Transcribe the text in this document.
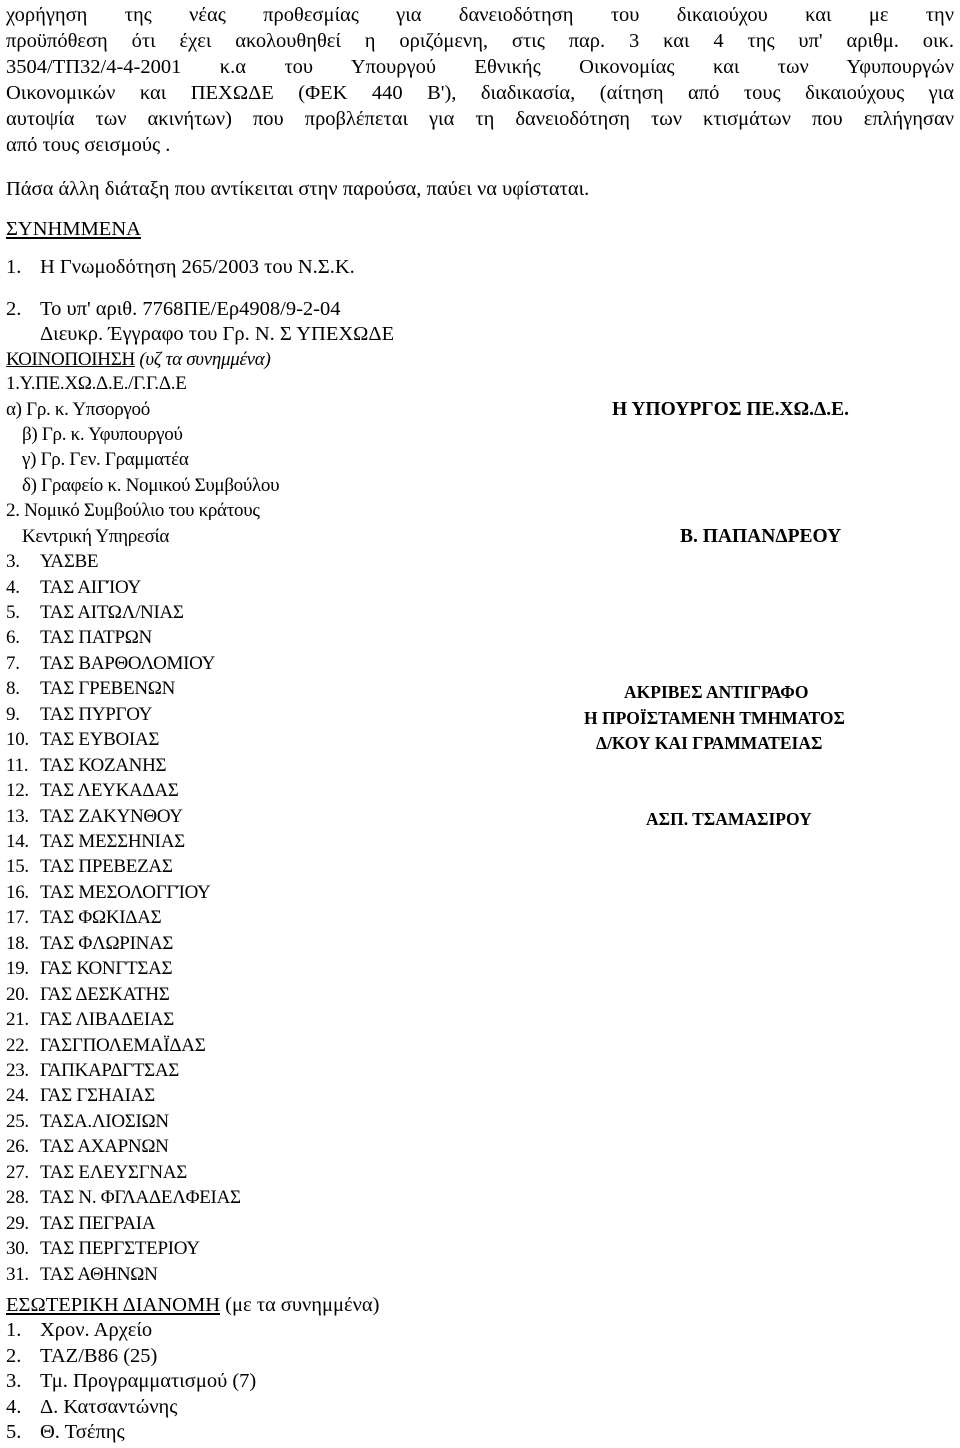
χορήγηση της νέας προθεσμίας για δανειοδότηση του δικαιούχου και με την
προϋπόθεση ότι έχει ακολουθηθεί η οριζόμενη, στις παρ. 3 και 4 της υπ' αριθμ. οικ.
3504/ΤΠ32/4-4-2001 κ.α του Υπουργού Εθνικής Οικονομίας και των Υφυπουργών
Οικονομικών και ΠΕΧΩΔΕ (ΦΕΚ 440 Β'), διαδικασία, (αίτηση από τους δικαιούχους για
αυτοψία των ακινήτων) που προβλέπεται για τη δανειοδότηση των κτισμάτων που επλήγησαν
από τους σεισμούς .
Πάσα άλλη διάταξη που αντίκειται στην παρούσα, παύει να υφίσταται.
ΣΥΝΗΜΜΕΝΑ
1. Η Γνωμοδότηση 265/2003 του Ν.Σ.Κ.
2. Το υπ' αριθ. 7768ΠΕ/Ερ4908/9-2-04
Διευκρ. Έγγραφο του Γρ. Ν. Σ ΥΠΕΧΩΔΕ
ΚΟΙΝΟΠΟΙΗΣΗ (υζ τα συνημμένα)
1.Υ.ΠΕ.ΧΩ.Δ.Ε./Γ.Γ.Δ.Ε
α) Γρ. κ. Υπσοργοό
β) Γρ. κ. Υφυπουργού
γ) Γρ. Γεν. Γραμματέα
δ) Γραφείο κ. Νομικού Συμβούλου
2. Νομικό Συμβούλιο του κράτους
Κεντρική Υπηρεσία
3. ΥΑΣΒΕ
4. ΤΑΣ ΑΙΓΊΟΥ
5. ΤΑΣ ΑΙΤΩΛ/ΝΙΑΣ
6. ΤΑΣ ΠΑΤΡΩΝ
7. ΤΑΣ ΒΑΡΘΟΛΟΜΙΟΥ
8. ΤΑΣ ΓΡΕΒΕΝΩΝ
9. ΤΑΣ ΠΥΡΓΟΥ
10. ΤΑΣ ΕΥΒΟΙΑΣ
11. ΤΑΣ ΚΟΖΑΝΗΣ
12. ΤΑΣ ΛΕΥΚΑΔΑΣ
13. ΤΑΣ ΖΑΚΥΝΘΟΥ
14. ΤΑΣ ΜΕΣΣΗΝΙΑΣ
15. ΤΑΣ ΠΡΕΒΕΖΑΣ
16. ΤΑΣ ΜΕΣΟΛΟΓΓΊΟΥ
17. ΤΑΣ ΦΩΚΙΔΑΣ
18. ΤΑΣ ΦΛΩΡΙΝΑΣ
19. ΓΑΣ ΚΟΝΓΤΣΑΣ
20. ΓΑΣ ΔΕΣΚΑΤΗΣ
21. ΓΑΣ ΛΙΒΑΔΕΙΑΣ
22. ΓΑΣΓΠΟΛΕΜΑΪΔΑΣ
23. ΓΑΠΚΑΡΔΓΤΣΑΣ
24. ΓΑΣ ΓΣΗΑΙΑΣ
25. ΤΑΣΑ.ΛΙΟΣΙΩΝ
26. ΤΑΣ ΑΧΑΡΝΩΝ
27. ΤΑΣ ΕΛΕΥΣΓΝΑΣ
28. ΤΑΣ Ν. ΦΓΛΑΔΕΛΦΕΙΑΣ
29. ΤΑΣ ΠΕΓΡΑΙΑ
30. ΤΑΣ ΠΕΡΓΣΤΕΡΙΟΥ
31. ΤΑΣ ΑΘΗΝΩΝ
ΕΣΩΤΕΡΙΚΗ ΔΙΑΝΟΜΗ (με τα συνημμένα)
1. Χρον. Αρχείο
2. ΤΑΖ/Β86 (25)
3. Τμ. Προγραμματισμού (7)
4. Δ. Κατσαντώνης
5. Θ. Τσέπης
Η ΥΠΟΥΡΓΟΣ ΠΕ.ΧΩ.Δ.Ε.
Β. ΠΑΠΑΝΔΡΕΟΥ
ΑΚΡΙΒΕΣ ΑΝΤΙΓΡΑΦΟ
Η ΠΡΟΪΣΤΑΜΕΝΗ ΤΜΗΜΑΤΟΣ
Δ/ΚΟΥ ΚΑΙ ΓΡΑΜΜΑΤΕΙΑΣ
ΑΣΠ. ΤΣΑΜΑΣΙΡΟΥ
